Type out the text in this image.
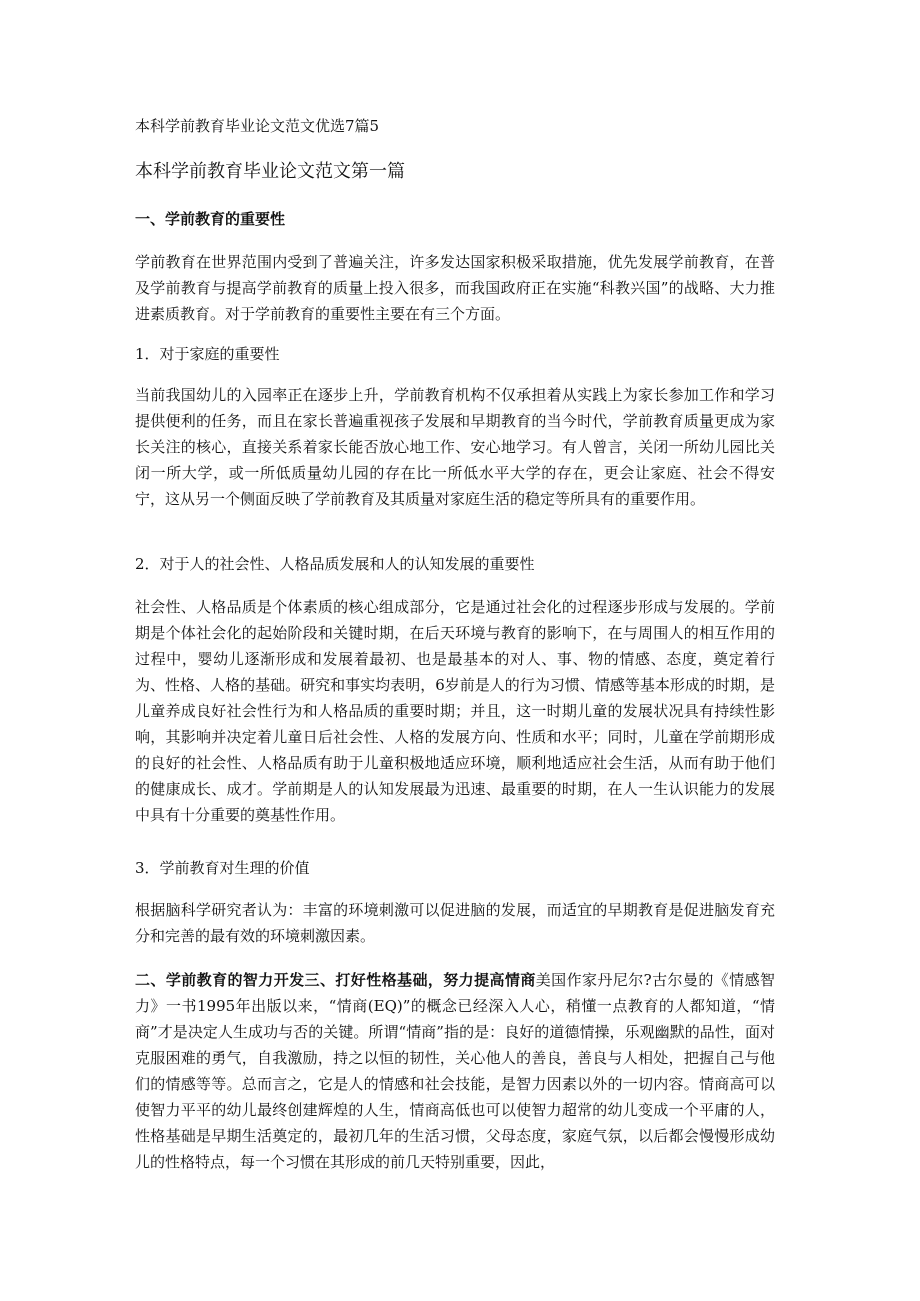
本科学前教育毕业论文范文优选7篇5
本科学前教育毕业论文范文第一篇
一、学前教育的重要性

学前教育在世界范围内受到了普遍关注，许多发达国家积极采取措施，优先发展学前教育，在普及学前教育与提高学前教育的质量上投入很多，而我国政府正在实施“科教兴国”的战略、大力推进素质教育。对于学前教育的重要性主要在有三个方面。

1．对于家庭的重要性

当前我国幼儿的入园率正在逐步上升，学前教育机构不仅承担着从实践上为家长参加工作和学习提供便利的任务，而且在家长普遍重视孩子发展和早期教育的当今时代，学前教育质量更成为家长关注的核心，直接关系着家长能否放心地工作、安心地学习。有人曾言，关闭一所幼儿园比关闭一所大学，或一所低质量幼儿园的存在比一所低水平大学的存在，更会让家庭、社会不得安宁，这从另一个侧面反映了学前教育及其质量对家庭生活的稳定等所具有的重要作用。

2．对于人的社会性、人格品质发展和人的认知发展的重要性

社会性、人格品质是个体素质的核心组成部分，它是通过社会化的过程逐步形成与发展的。学前期是个体社会化的起始阶段和关键时期，在后天环境与教育的影响下，在与周围人的相互作用的过程中，婴幼儿逐渐形成和发展着最初、也是最基本的对人、事、物的情感、态度，奠定着行为、性格、人格的基础。研究和事实均表明，6岁前是人的行为习惯、情感等基本形成的时期，是儿童养成良好社会性行为和人格品质的重要时期；并且，这一时期儿童的发展状况具有持续性影响，其影响并决定着儿童日后社会性、人格的发展方向、性质和水平；同时，儿童在学前期形成的良好的社会性、人格品质有助于儿童积极地适应环境，顺利地适应社会生活，从而有助于他们的健康成长、成才。学前期是人的认知发展最为迅速、最重要的时期，在人一生认识能力的发展中具有十分重要的奠基性作用。

3．学前教育对生理的价值

根据脑科学研究者认为：丰富的环境刺激可以促进脑的发展，而适宜的早期教育是促进脑发育充分和完善的最有效的环境刺激因素。

二、学前教育的智力开发三、打好性格基础，努力提高情商美国作家丹尼尔?古尔曼的《情感智力》一书1995年出版以来，“情商(EQ)”的概念已经深入人心，稍懂一点教育的人都知道，“情商”才是决定人生成功与否的关键。所谓“情商”指的是：良好的道德情操，乐观幽默的品性，面对克服困难的勇气，自我激励，持之以恒的韧性，关心他人的善良，善良与人相处，把握自己与他们的情感等等。总而言之，它是人的情感和社会技能，是智力因素以外的一切内容。情商高可以使智力平平的幼儿最终创建辉煌的人生，情商高低也可以使智力超常的幼儿变成一个平庸的人，性格基础是早期生活奠定的，最初几年的生活习惯，父母态度，家庭气氛，以后都会慢慢形成幼儿的性格特点，每一个习惯在其形成的前几天特别重要，因此，
